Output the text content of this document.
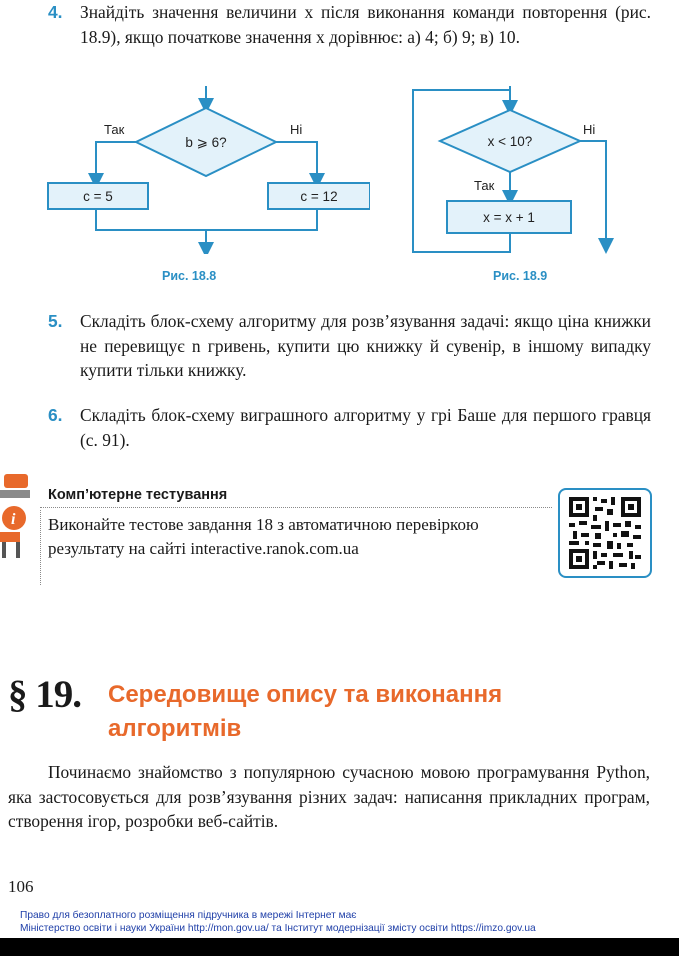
4. Знайдіть значення величини x після виконання команди повторення (рис. 18.9), якщо початкове значення x дорівнює: а) 4; б) 9; в) 10.
b ⩾ 6?
Так	Ні
c = 5	c = 12
Рис. 18.8
x < 10?
Ні
Так
x = x + 1
Рис. 18.9
5. Складіть блок-схему алгоритму для розв’язування задачі: якщо ціна книжки не перевищує n гривень, купити цю книжку й сувенір, в іншому випадку купити тільки книжку.
6. Складіть блок-схему виграшного алгоритму у грі Баше для першого гравця (с. 91).
i
Комп’ютерне тестування
Виконайте тестове завдання 18 з автоматичною перевіркою результату на сайті interactive.ranok.com.ua
§ 19. Середовище опису та виконання алгоритмів
Починаємо знайомство з популярною сучасною мовою програмування Python, яка застосовується для розв’язування різних задач: написання прикладних програм, створення ігор, розробки веб-сайтів.
106
Право для безоплатного розміщення підручника в мережі Інтернет має
Міністерство освіти і науки України http://mon.gov.ua/ та Інститут модернізації змісту освіти https://imzo.gov.ua
